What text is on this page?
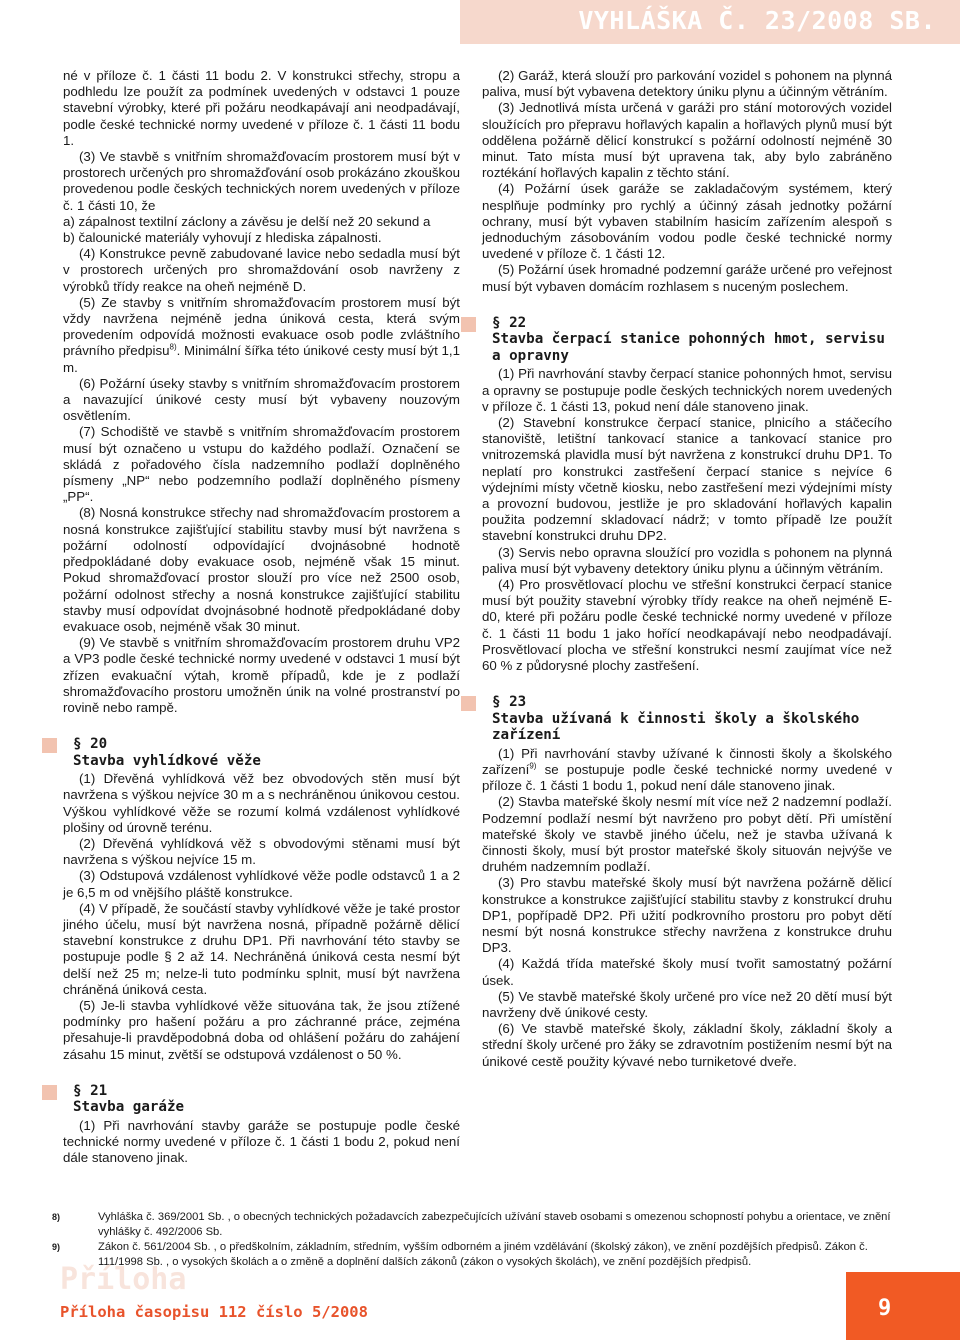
VYHLÁŠKA Č. 23/2008 SB.

né v příloze č. 1 části 11 bodu 2. V konstrukci střechy, stropu a podhledu lze použít za podmínek uvedených v odstavci 1 pouze stavební výrobky, které při požáru neodkapávají ani neodpadávají, podle české technické normy uvedené v příloze č. 1 části 11 bodu 1.

(3) Ve stavbě s vnitřním shromažďovacím prostorem musí být v prostorech určených pro shromažďování osob prokázáno zkouškou provedenou podle českých technických norem uvedených v příloze č. 1 části 10, že

a) zápalnost textilní záclony a závěsu je delší než 20 sekund a

b) čalounické materiály vyhovují z hlediska zápalnosti.

(4) Konstrukce pevně zabudované lavice nebo sedadla musí být v prostorech určených pro shromaždování osob navrženy z výrobků třídy reakce na oheň nejméně D.

(5) Ze stavby s vnitřním shromažďovacím prostorem musí být vždy navržena nejméně jedna úniková cesta, která svým provedením odpovídá možnosti evakuace osob podle zvláštního právního předpisu$^{8)}$. Minimální šířka této únikové cesty musí být 1,1 m.

(6) Požární úseky stavby s vnitřním shromažďovacím prostorem a navazující únikové cesty musí být vybaveny nouzovým osvětlením.

(7) Schodiště ve stavbě s vnitřním shromažďovacím prostorem musí být označeno u vstupu do každého podlaží. Označení se skládá z pořadového čísla nadzemního podlaží doplněného písmeny „NP“ nebo podzemního podlaží doplněného písmeny „PP“.

(8) Nosná konstrukce střechy nad shromažďovacím prostorem a nosná konstrukce zajišťující stabilitu stavby musí být navržena s požární odolností odpovídající dvojnásobné hodnotě předpokládané doby evakuace osob, nejméně však 15 minut. Pokud shromažďovací prostor slouží pro více než 2500 osob, požární odolnost střechy a nosná konstrukce zajišťující stabilitu stavby musí odpovídat dvojnásobné hodnotě předpokládané doby evakuace osob, nejméně však 30 minut.

(9) Ve stavbě s vnitřním shromažďovacím prostorem druhu VP2 a VP3 podle české technické normy uvedené v odstavci 1 musí být zřízen evakuační výtah, kromě případů, kde je z podlaží shromažďovacího prostoru umožněn únik na volné prostranství po rovině nebo rampě.

§ 20
Stavba vyhlídkové věže

(1) Dřevěná vyhlídková věž bez obvodových stěn musí být navržena s výškou nejvíce 30 m a s nechráněnou únikovou cestou. Výškou vyhlídkové věže se rozumí kolmá vzdálenost vyhlídkové plošiny od úrovně terénu.

(2) Dřevěná vyhlídková věž s obvodovými stěnami musí být navržena s výškou nejvíce 15 m.

(3) Odstupová vzdálenost vyhlídkové věže podle odstavců 1 a 2 je 6,5 m od vnějšího pláště konstrukce.

(4) V případě, že součástí stavby vyhlídkové věže je také prostor jiného účelu, musí být navržena nosná, případně požárně dělicí stavební konstrukce z druhu DP1. Při navrhování této stavby se postupuje podle § 2 až 14. Nechráněná úniková cesta nesmí být delší než 25 m; nelze-li tuto podmínku splnit, musí být navržena chráněná úniková cesta.

(5) Je-li stavba vyhlídkové věže situována tak, že jsou ztížené podmínky pro hašení požáru a pro záchranné práce, zejména přesahuje-li pravděpodobná doba od ohlášení požáru do zahájení zásahu 15 minut, zvětší se odstupová vzdálenost o 50 %.

§ 21
Stavba garáže

(1) Při navrhování stavby garáže se postupuje podle české technické normy uvedené v příloze č. 1 části 1 bodu 2, pokud není dále stanoveno jinak.

(2) Garáž, která slouží pro parkování vozidel s pohonem na plynná paliva, musí být vybavena detektory úniku plynu a účinným větráním.

(3) Jednotlivá místa určená v garáži pro stání motorových vozidel sloužících pro přepravu hořlavých kapalin a hořlavých plynů musí být oddělena požárně dělicí konstrukcí s požární odolností nejméně 30 minut. Tato místa musí být upravena tak, aby bylo zabráněno roztékání hořlavých kapalin z těchto stání.

(4) Požární úsek garáže se zakladačovým systémem, který nesplňuje podmínky pro rychlý a účinný zásah jednotky požární ochrany, musí být vybaven stabilním hasicím zařízením alespoň s jednoduchým zásobováním vodou podle české technické normy uvedené v příloze č. 1 části 12.

(5) Požární úsek hromadné podzemní garáže určené pro veřejnost musí být vybaven domácím rozhlasem s nuceným poslechem.

§ 22
Stavba čerpací stanice pohonných hmot, servisu a opravny

(1) Při navrhování stavby čerpací stanice pohonných hmot, servisu a opravny se postupuje podle českých technických norem uvedených v příloze č. 1 části 13, pokud není dále stanoveno jinak.

(2) Stavební konstrukce čerpací stanice, plnicího a stáčecího stanoviště, letištní tankovací stanice a tankovací stanice pro vnitrozemská plavidla musí být navržena z konstrukcí druhu DP1. To neplatí pro konstrukci zastřešení čerpací stanice s nejvíce 6 výdejními místy včetně kiosku, nebo zastřešení mezi výdejními místy a provozní budovou, jestliže je pro skladování hořlavých kapalin použita podzemní skladovací nádrž; v tomto případě lze použít stavební konstrukci druhu DP2.

(3) Servis nebo opravna sloužící pro vozidla s pohonem na plynná paliva musí být vybaveny detektory úniku plynu a účinným větráním.

(4) Pro prosvětlovací plochu ve střešní konstrukci čerpací stanice musí být použity stavební výrobky třídy reakce na oheň nejméně E-d0, které při požáru podle české technické normy uvedené v příloze č. 1 části 11 bodu 1 jako hořící neodkapávají nebo neodpadávají. Prosvětlovací plocha ve střešní konstrukci nesmí zaujímat více než 60 % z půdorysné plochy zastřešení.

§ 23
Stavba užívaná k činnosti školy a školského zařízení

(1) Při navrhování stavby užívané k činnosti školy a školského zařízení$^{9)}$ se postupuje podle české technické normy uvedené v příloze č. 1 části 1 bodu 1, pokud není dále stanoveno jinak.

(2) Stavba mateřské školy nesmí mít více než 2 nadzemní podlaží. Podzemní podlaží nesmí být navrženo pro pobyt dětí. Při umístění mateřské školy ve stavbě jiného účelu, než je stavba užívaná k činnosti školy, musí být prostor mateřské školy situován nejvýše ve druhém nadzemním podlaží.

(3) Pro stavbu mateřské školy musí být navržena požárně dělicí konstrukce a konstrukce zajišťující stabilitu stavby z konstrukcí druhu DP1, popřípadě DP2. Při užití podkrovního prostoru pro pobyt dětí nesmí být nosná konstrukce střechy navržena z konstrukce druhu DP3.

(4) Každá třída mateřské školy musí tvořit samostatný požární úsek.

(5) Ve stavbě mateřské školy určené pro více než 20 dětí musí být navrženy dvě únikové cesty.

(6) Ve stavbě mateřské školy, základní školy, základní školy a střední školy určené pro žáky se zdravotním postižením nesmí být na únikové cestě použity kývavé nebo turniketové dveře.

8)	Vyhláška č. 369/2001 Sb. , o obecných technických požadavcích zabezpečujících užívání staveb osobami s omezenou schopností pohybu a orientace, ve znění vyhlášky č. 492/2006 Sb.

9)	Zákon č. 561/2004 Sb. , o předškolním, základním, středním, vyšším odborném a jiném vzdělávání (školský zákon), ve znění pozdějších předpisů. Zákon č. 111/1998 Sb. , o vysokých školách a o změně a doplnění dalších zákonů (zákon o vysokých školách), ve znění pozdějších předpisů.

Příloha
Příloha časopisu 112 číslo 5/2008	9
